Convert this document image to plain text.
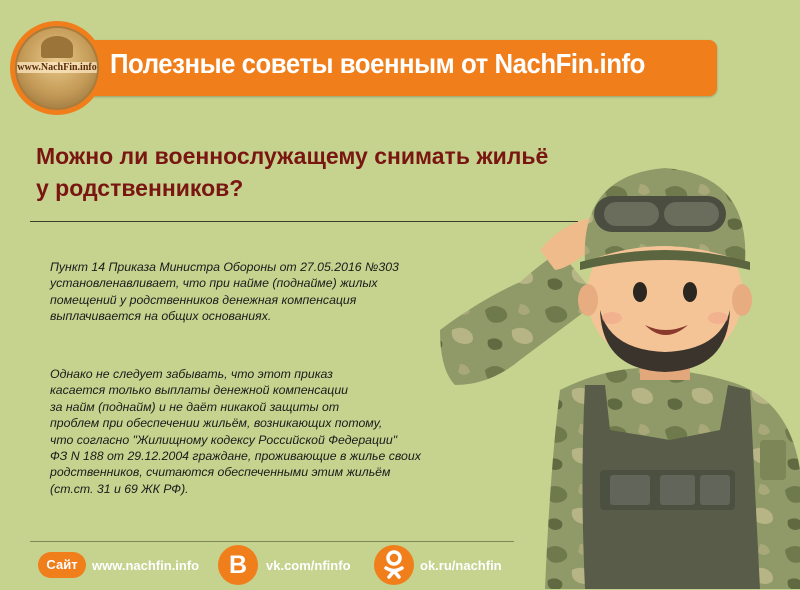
Полезные советы военным от NachFin.info
www.NachFin.info
Можно ли военнослужащему снимать жильё
у родственников?

Пункт 14 Приказа Министра Обороны от 27.05.2016 №303
установленавливает, что при найме (поднайме) жилых
помещений у родственников денежная компенсация
выплачивается на общих основаниях.

Однако не следует забывать, что этот приказ
касается только выплаты денежной компенсации
за найм (поднайм) и не даёт никакой защиты от
проблем при обеспечении жильём, возникающих потому,
что согласно "Жилищному кодексу Российской Федерации"
ФЗ N 188 от 29.12.2004 граждане, проживающие в жилье своих
родственников, считаются обеспеченными этим жильём
(ст.ст. 31 и 69 ЖК РФ).

Сайт	www.nachfin.info	В	vk.com/nfinfo	ok.ru/nachfin
